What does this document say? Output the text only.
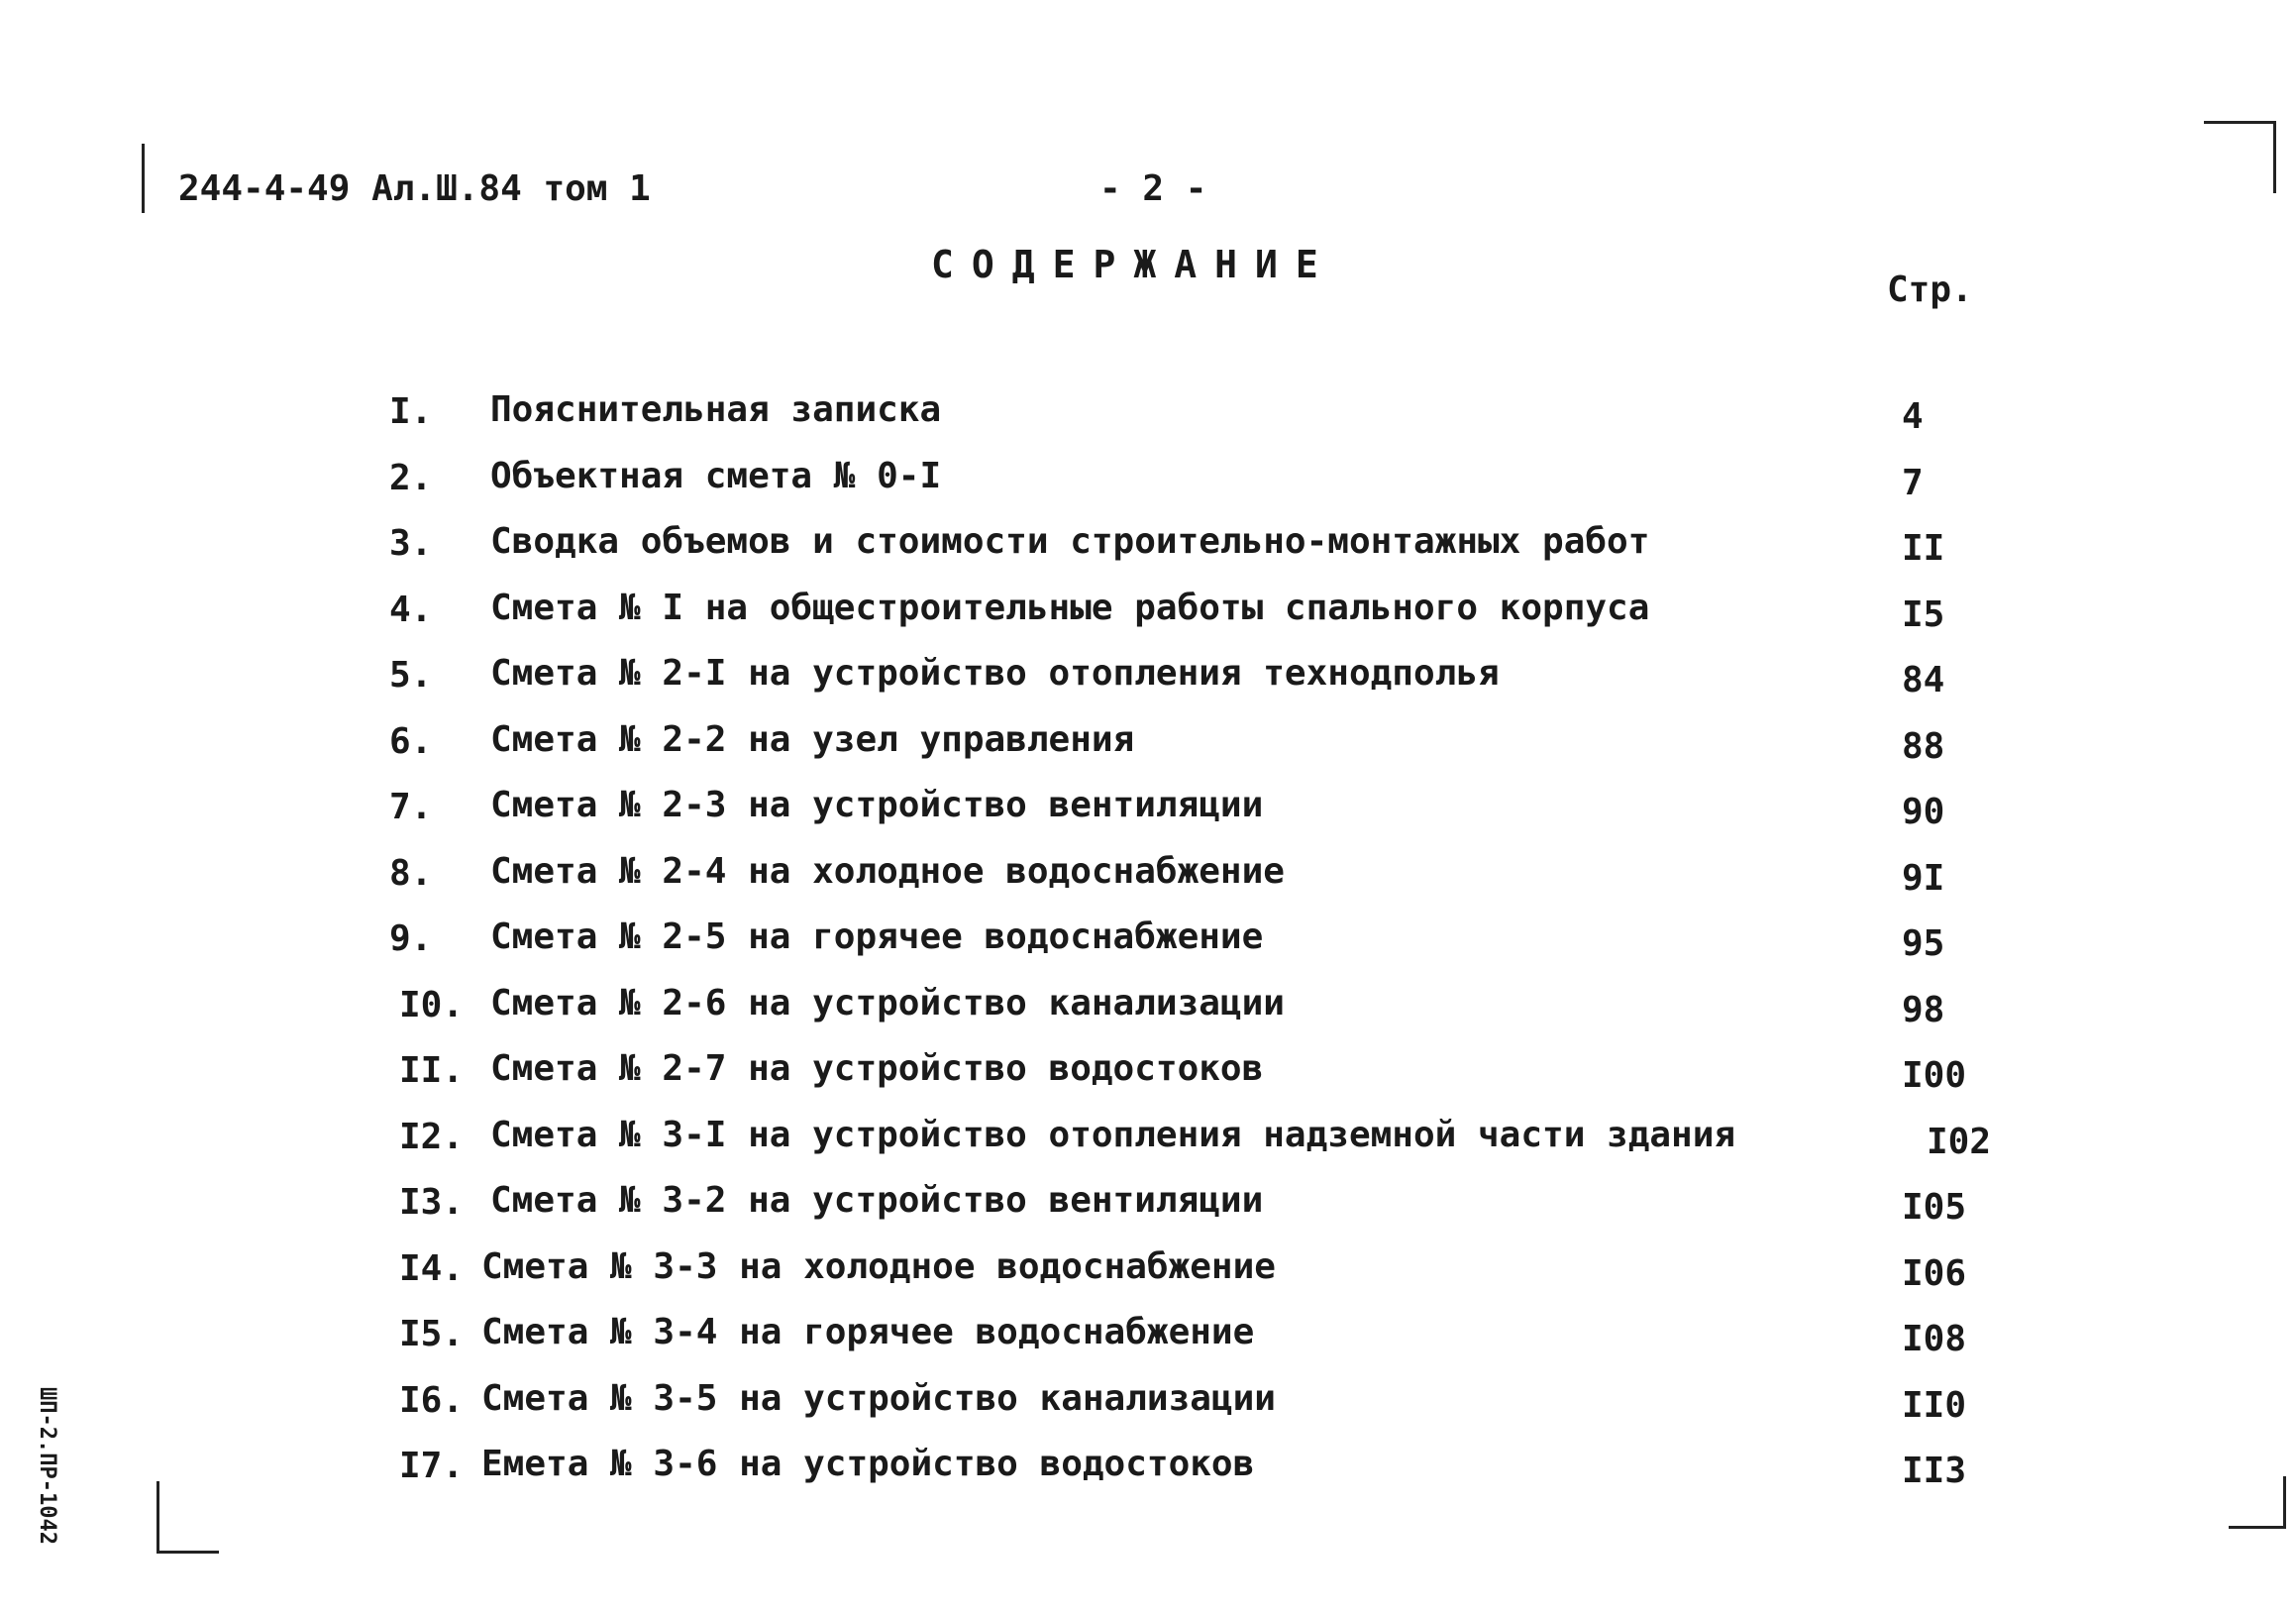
244-4-49 Ал.Ш.84 том 1	- 2 -
СОДЕРЖАНИЕ
Стр.
I. Пояснительная записка	4
2. Объектная смета № 0-I	7
3. Сводка объемов и стоимости строительно-монтажных работ	II
4. Смета № I на общестроительные работы спального корпуса	I5
5. Смета № 2-I на устройство отопления технодполья	84
6. Смета № 2-2 на узел управления	88
7. Смета № 2-3 на устройство вентиляции	90
8. Смета № 2-4 на холодное водоснабжение	9I
9. Смета № 2-5 на горячее водоснабжение	95
I0. Смета № 2-6 на устройство канализации	98
II. Смета № 2-7 на устройство водостоков	I00
I2. Смета № 3-I на устройство отопления надземной части здания	I02
I3. Смета № 3-2 на устройство вентиляции	I05
I4. Смета № 3-3 на холодное водоснабжение	I06
I5. Смета № 3-4 на горячее водоснабжение	I08
I6. Смета № 3-5 на устройство канализации	II0
I7. Емета № 3-6 на устройство водостоков	II3
ШП-2.ПР-1042
